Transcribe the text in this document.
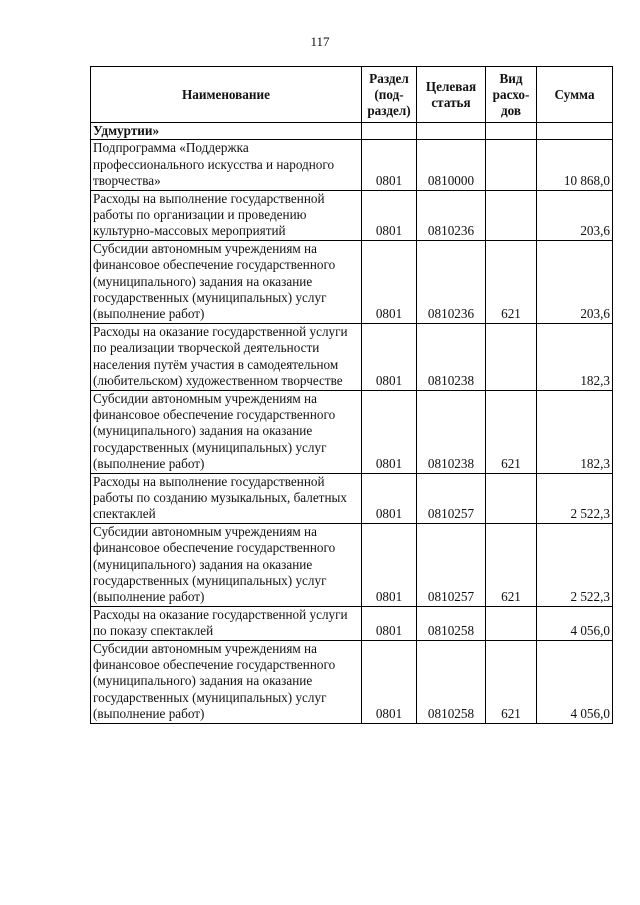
117
Наименование	Раздел (под-раздел)	Целевая статья	Вид расхо-дов	Сумма
Удмуртии»				
Подпрограмма «Поддержка профессионального искусства и народного творчества»	0801	0810000		10 868,0
Расходы на выполнение государственной работы по организации и проведению культурно-массовых мероприятий	0801	0810236		203,6
Субсидии автономным учреждениям на финансовое обеспечение государственного (муниципального) задания на оказание государственных (муниципальных) услуг (выполнение работ)	0801	0810236	621	203,6
Расходы на оказание государственной услуги по реализации творческой деятельности населения путём участия в самодеятельном (любительском) художественном творчестве	0801	0810238		182,3
Субсидии автономным учреждениям на финансовое обеспечение государственного (муниципального) задания на оказание государственных (муниципальных) услуг (выполнение работ)	0801	0810238	621	182,3
Расходы на выполнение государственной работы по созданию музыкальных, балетных спектаклей	0801	0810257		2 522,3
Субсидии автономным учреждениям на финансовое обеспечение государственного (муниципального) задания на оказание государственных (муниципальных) услуг (выполнение работ)	0801	0810257	621	2 522,3
Расходы на оказание государственной услуги по показу спектаклей	0801	0810258		4 056,0
Субсидии автономным учреждениям на финансовое обеспечение государственного (муниципального) задания на оказание государственных (муниципальных) услуг (выполнение работ)	0801	0810258	621	4 056,0
